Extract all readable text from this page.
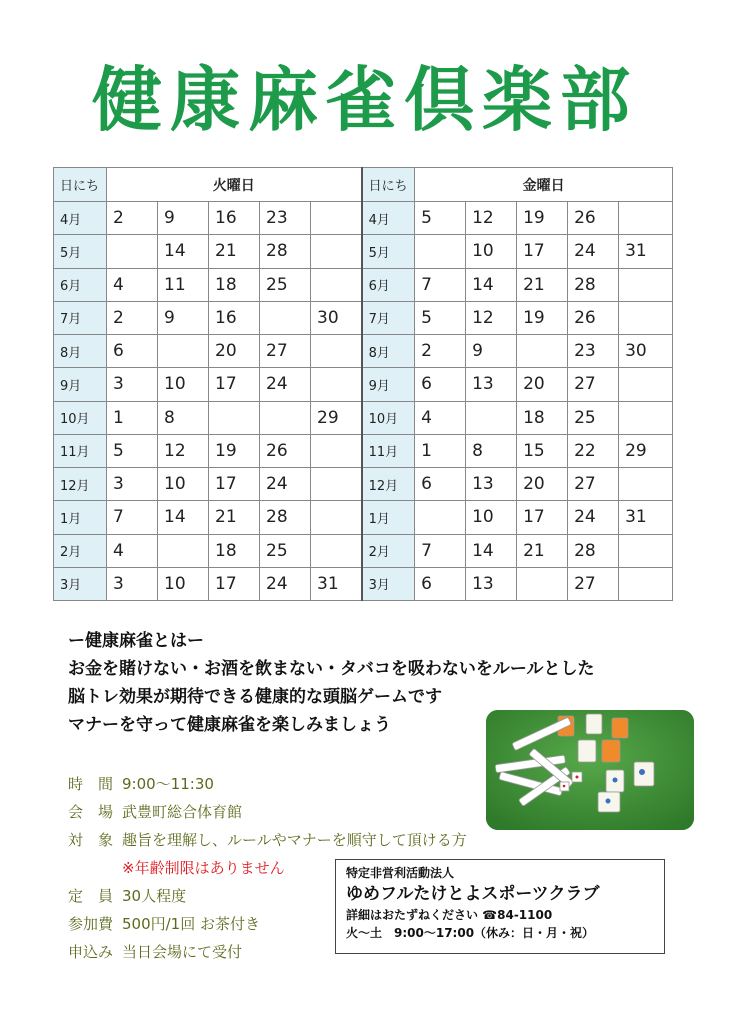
健康麻雀倶楽部
日にち	火曜日					日にち	金曜日				
4月	2	9	16	23		4月	5	12	19	26	
5月		14	21	28		5月		10	17	24	31
6月	4	11	18	25		6月	7	14	21	28	
7月	2	9	16		30	7月	5	12	19	26	
8月	6		20	27		8月	2	9		23	30
9月	3	10	17	24		9月	6	13	20	27	
10月	1	8			29	10月	4		18	25	
11月	5	12	19	26		11月	1	8	15	22	29
12月	3	10	17	24		12月	6	13	20	27	
1月	7	14	21	28		1月		10	17	24	31
2月	4		18	25		2月	7	14	21	28	
3月	3	10	17	24	31	3月	6	13		27	
ー健康麻雀とはー
お金を賭けない・お酒を飲まない・タバコを吸わないをルールとした
脳トレ効果が期待できる健康的な頭脳ゲームです
マナーを守って健康麻雀を楽しみましょう
時　間 9:00～11:30
会　場 武豊町総合体育館
対　象 趣旨を理解し、ルールやマナーを順守して頂ける方
※年齢制限はありません
定　員 30人程度
参加費 500円/1回 お茶付き
申込み 当日会場にて受付
特定非営利活動法人
ゆめフルたけとよスポーツクラブ
詳細はおたずねください ☎84-1100
火～土　9:00～17:00（休み：日・月・祝）
